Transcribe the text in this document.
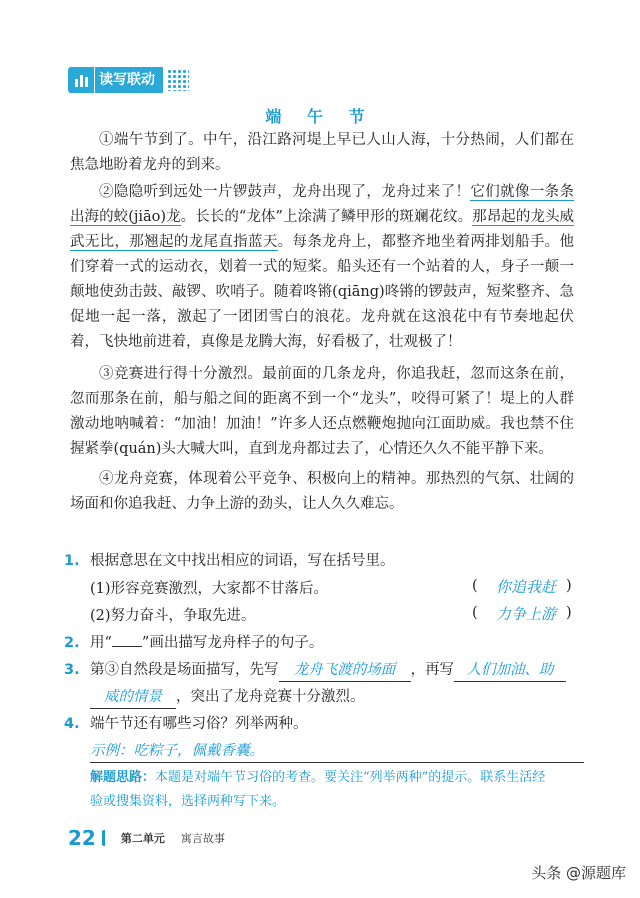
读写联动
端 午 节
①端午节到了。中午，沿江路河堤上早已人山人海，十分热闹，人们都在焦急地盼着龙舟的到来。
②隐隐听到远处一片锣鼓声，龙舟出现了，龙舟过来了！它们就像一条条出海的蛟(jiāo)龙。长长的“龙体”上涂满了鳞甲形的斑斓花纹。那昂起的龙头威武无比，那翘起的龙尾直指蓝天。每条龙舟上，都整齐地坐着两排划船手。他们穿着一式的运动衣，划着一式的短桨。船头还有一个站着的人，身子一颠一颠地使劲击鼓、敲锣、吹哨子。随着咚锵(qiāng)咚锵的锣鼓声，短桨整齐、急促地一起一落，激起了一团团雪白的浪花。龙舟就在这浪花中有节奏地起伏着，飞快地前进着，真像是龙腾大海，好看极了，壮观极了！
③竞赛进行得十分激烈。最前面的几条龙舟，你追我赶，忽而这条在前，忽而那条在前，船与船之间的距离不到一个“龙头”，咬得可紧了！堤上的人群激动地呐喊着：“加油！加油！”许多人还点燃鞭炮抛向江面助威。我也禁不住握紧拳(quán)头大喊大叫，直到龙舟都过去了，心情还久久不能平静下来。
④龙舟竞赛，体现着公平竞争、积极向上的精神。那热烈的气氛、壮阔的场面和你追我赶、力争上游的劲头，让人久久难忘。
1. 根据意思在文中找出相应的词语，写在括号里。
(1)形容竞赛激烈，大家都不甘落后。	(	你追我赶 )
(2)努力奋斗，争取先进。	(	力争上游 )
2. 用“ ”画出描写龙舟样子的句子。
3. 第③自然段是场面描写，先写 龙舟飞渡的场面 ，再写 人们加油、助
威的情景 ，突出了龙舟竞赛十分激烈。
4. 端午节还有哪些习俗？列举两种。
示例：吃粽子，佩戴香囊。
解题思路：本题是对端午节习俗的考查。要关注“列举两种”的提示。联系生活经
验或搜集资料，选择两种写下来。
22 第二单元 寓言故事
头条 @源题库
